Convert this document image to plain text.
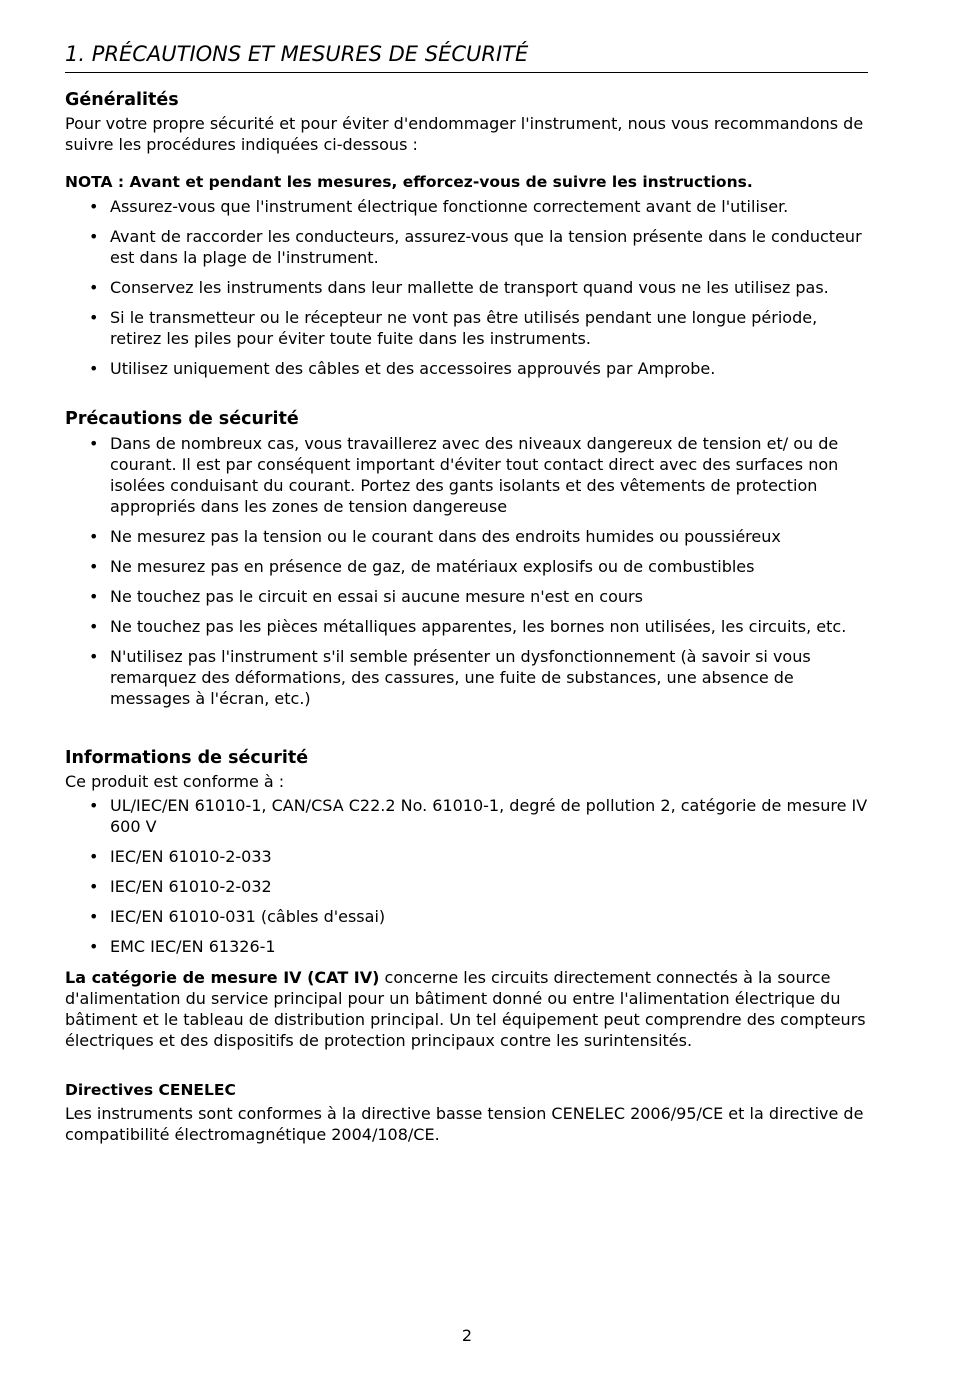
1. PRÉCAUTIONS ET MESURES DE SÉCURITÉ
Généralités

Pour votre propre sécurité et pour éviter d'endommager l'instrument, nous vous recommandons de suivre les procédures indiquées ci-dessous :

NOTA : Avant et pendant les mesures, efforcez-vous de suivre les instructions.

• Assurez-vous que l'instrument électrique fonctionne correctement avant de l'utiliser.
• Avant de raccorder les conducteurs, assurez-vous que la tension présente dans le conducteur est dans la plage de l'instrument.
• Conservez les instruments dans leur mallette de transport quand vous ne les utilisez pas.
• Si le transmetteur ou le récepteur ne vont pas être utilisés pendant une longue période, retirez les piles pour éviter toute fuite dans les instruments.
• Utilisez uniquement des câbles et des accessoires approuvés par Amprobe.
Précautions de sécurité
• Dans de nombreux cas, vous travaillerez avec des niveaux dangereux de tension et/ ou de courant. Il est par conséquent important d'éviter tout contact direct avec des surfaces non isolées conduisant du courant. Portez des gants isolants et des vêtements de protection appropriés dans les zones de tension dangereuse
• Ne mesurez pas la tension ou le courant dans des endroits humides ou poussiéreux
• Ne mesurez pas en présence de gaz, de matériaux explosifs ou de combustibles
• Ne touchez pas le circuit en essai si aucune mesure n'est en cours
• Ne touchez pas les pièces métalliques apparentes, les bornes non utilisées, les circuits, etc.
• N'utilisez pas l'instrument s'il semble présenter un dysfonctionnement (à savoir si vous remarquez des déformations, des cassures, une fuite de substances, une absence de messages à l'écran, etc.)
Informations de sécurité

Ce produit est conforme à :

• UL/IEC/EN 61010-1, CAN/CSA C22.2 No. 61010-1, degré de pollution 2, catégorie de mesure IV 600 V
• IEC/EN 61010-2-033
• IEC/EN 61010-2-032
• IEC/EN 61010-031 (câbles d'essai)
• EMC IEC/EN 61326-1

La catégorie de mesure IV (CAT IV) concerne les circuits directement connectés à la source d'alimentation du service principal pour un bâtiment donné ou entre l'alimentation électrique du bâtiment et le tableau de distribution principal. Un tel équipement peut comprendre des compteurs électriques et des dispositifs de protection principaux contre les surintensités.

Directives CENELEC

Les instruments sont conformes à la directive basse tension CENELEC 2006/95/CE et la directive de compatibilité électromagnétique 2004/108/CE.

2
